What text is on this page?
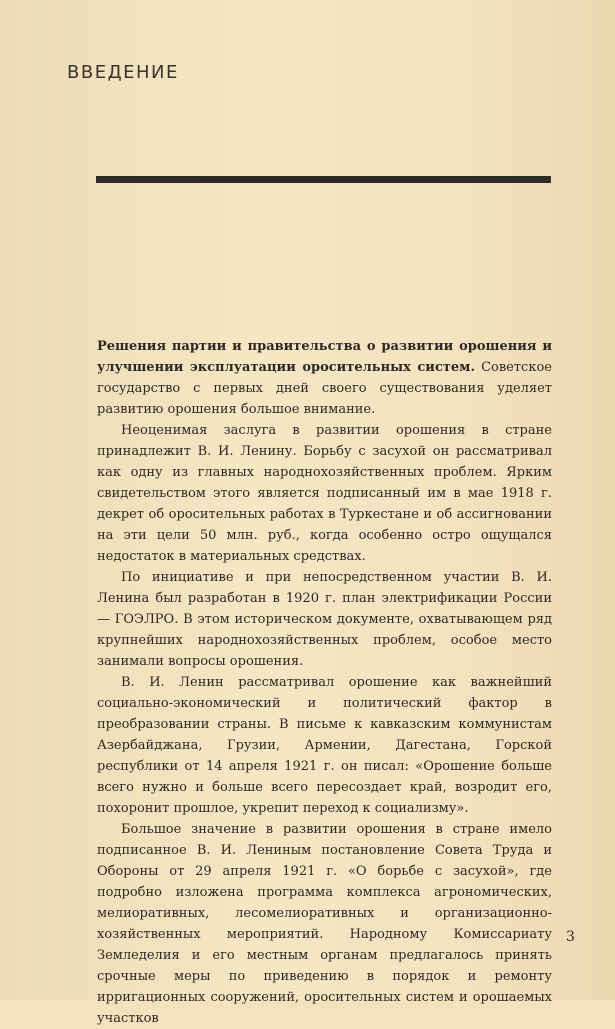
ВВЕДЕНИЕ

Решения партии и правительства о развитии орошения и улучшении эксплуатации оросительных систем. Советское государство с первых дней своего существования уделяет развитию орошения большое внимание.

Неоценимая заслуга в развитии орошения в стране принадлежит В. И. Ленину. Борьбу с засухой он рассматривал как одну из главных народнохозяйственных проблем. Ярким свидетельством этого является подписанный им в мае 1918 г. декрет об оросительных работах в Туркестане и об ассигновании на эти цели 50 млн. руб., когда особенно остро ощущался недостаток в материальных средствах.

По инициативе и при непосредственном участии В. И. Ленина был разработан в 1920 г. план электрификации России — ГОЭЛРО. В этом историческом документе, охватывающем ряд крупнейших народнохозяйственных проблем, особое место занимали вопросы орошения.

В. И. Ленин рассматривал орошение как важнейший социально-экономический и политический фактор в преобразовании страны. В письме к кавказским коммунистам Азербайджана, Грузии, Армении, Дагестана, Горской республики от 14 апреля 1921 г. он писал: «Орошение больше всего нужно и больше всего пересоздает край, возродит его, похоронит прошлое, укрепит переход к социализму».

Большое значение в развитии орошения в стране имело подписанное В. И. Лениным постановление Совета Труда и Обороны от 29 апреля 1921 г. «О борьбе с засухой», где подробно изложена программа комплекса агрономических, мелиоративных, лесомелиоративных и организационно-хозяйственных мероприятий. Народному Комиссариату Земледелия и его местным органам предлагалось принять срочные меры по приведению в порядок и ремонту ирригационных сооружений, оросительных систем и орошаемых участков

3
